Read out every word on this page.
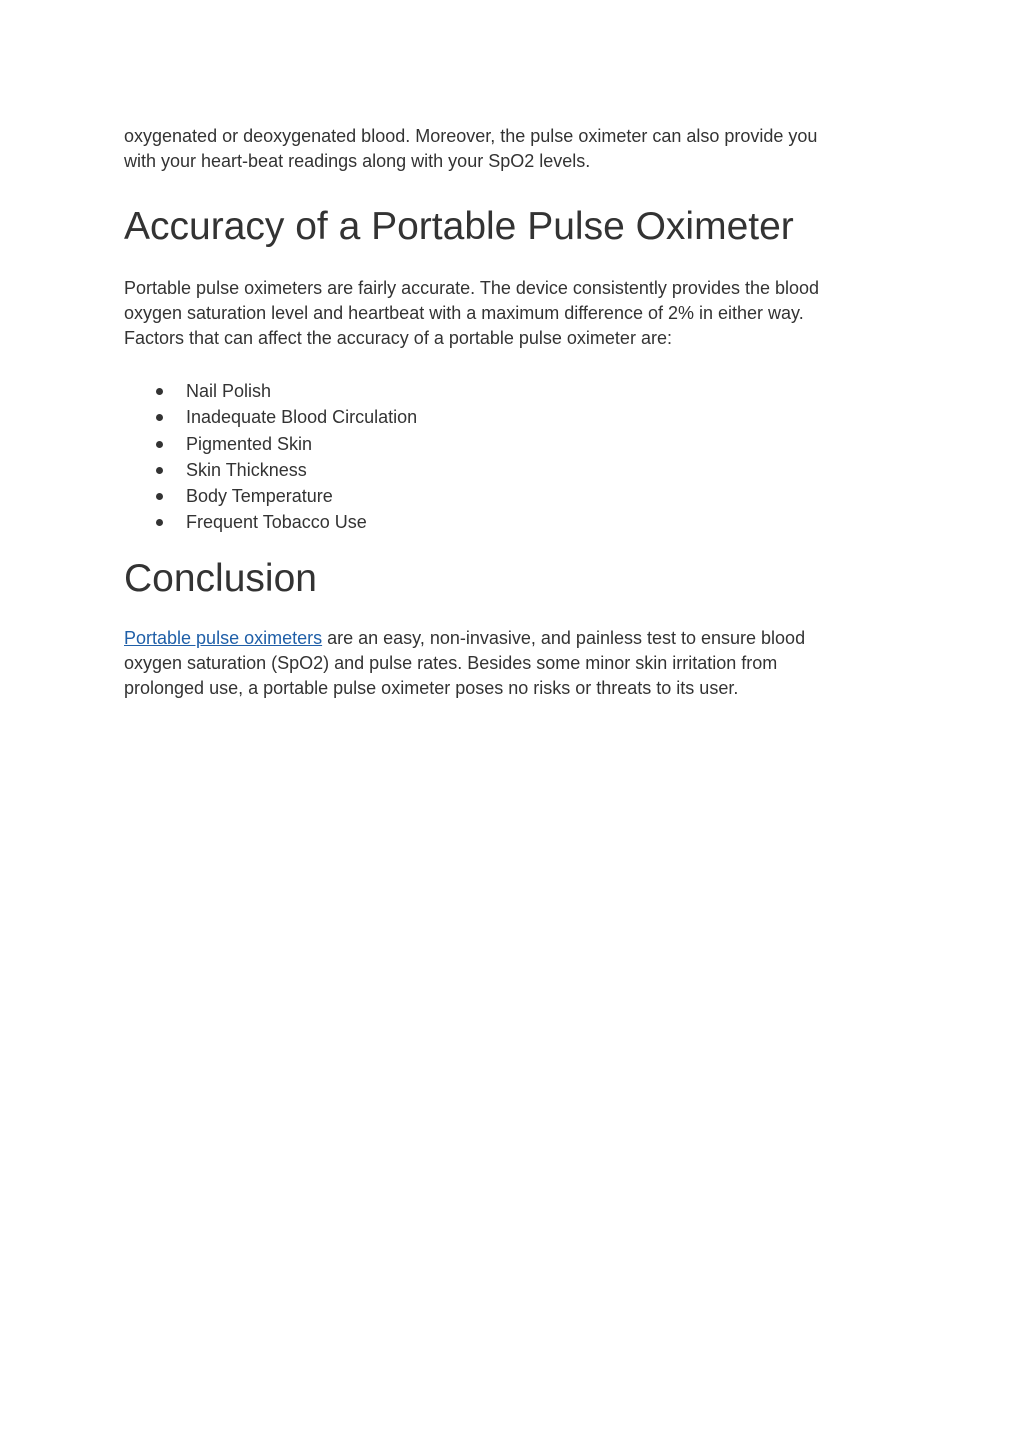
oxygenated or deoxygenated blood. Moreover, the pulse oximeter can also provide you
with your heart-beat readings along with your SpO2 levels.

Accuracy of a Portable Pulse Oximeter

Portable pulse oximeters are fairly accurate. The device consistently provides the blood
oxygen saturation level and heartbeat with a maximum difference of 2% in either way.
Factors that can affect the accuracy of a portable pulse oximeter are:

Nail Polish
Inadequate Blood Circulation
Pigmented Skin
Skin Thickness
Body Temperature
Frequent Tobacco Use
Conclusion

Portable pulse oximeters are an easy, non-invasive, and painless test to ensure blood
oxygen saturation (SpO2) and pulse rates. Besides some minor skin irritation from
prolonged use, a portable pulse oximeter poses no risks or threats to its user.
